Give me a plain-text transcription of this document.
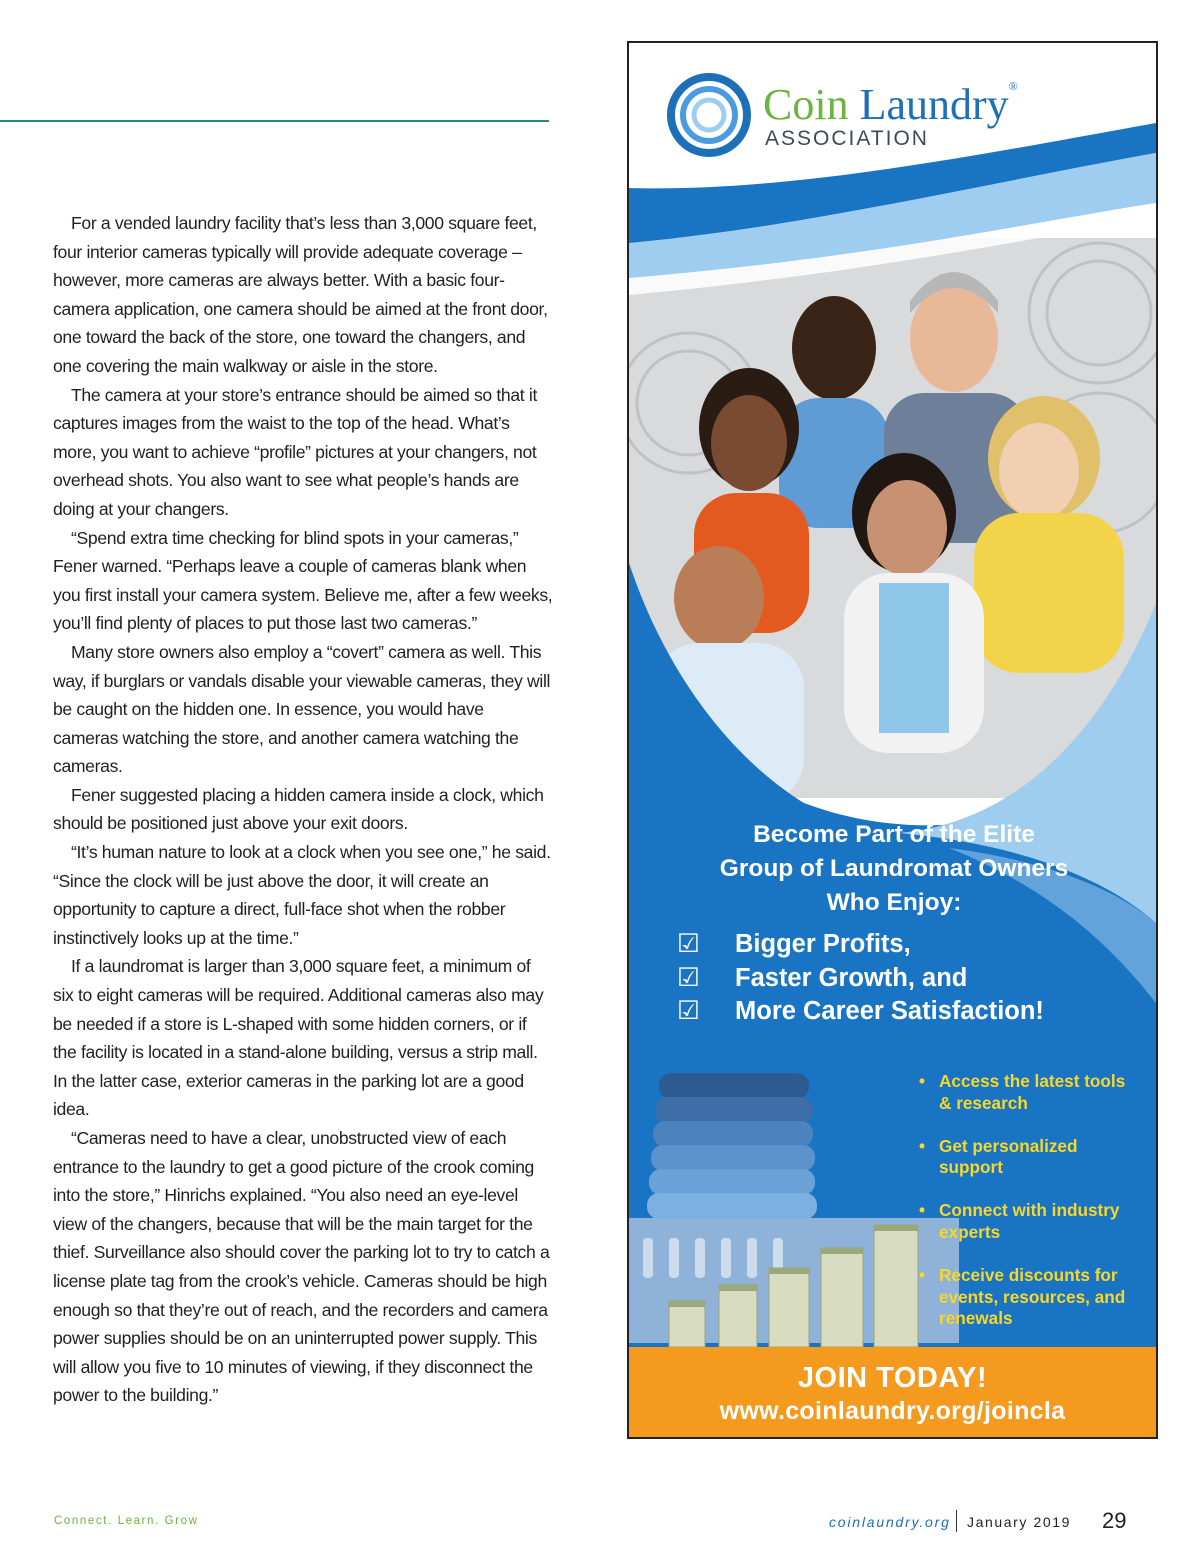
For a vended laundry facility that’s less than 3,000 square feet, four interior cameras typically will provide adequate coverage – however, more cameras are always better. With a basic four-camera application, one camera should be aimed at the front door, one toward the back of the store, one toward the changers, and one covering the main walkway or aisle in the store.

The camera at your store’s entrance should be aimed so that it captures images from the waist to the top of the head. What’s more, you want to achieve “profile” pictures at your changers, not overhead shots. You also want to see what people’s hands are doing at your changers.

“Spend extra time checking for blind spots in your cameras,” Fener warned. “Perhaps leave a couple of cameras blank when you first install your camera system. Believe me, after a few weeks, you’ll find plenty of places to put those last two cameras.”

Many store owners also employ a “covert” camera as well. This way, if burglars or vandals disable your viewable cameras, they will be caught on the hidden one. In essence, you would have cameras watching the store, and another camera watching the cameras.

Fener suggested placing a hidden camera inside a clock, which should be positioned just above your exit doors.

“It’s human nature to look at a clock when you see one,” he said. “Since the clock will be just above the door, it will create an opportunity to capture a direct, full-face shot when the robber instinctively looks up at the time.”

If a laundromat is larger than 3,000 square feet, a minimum of six to eight cameras will be required. Additional cameras also may be needed if a store is L-shaped with some hidden corners, or if the facility is located in a stand-alone building, versus a strip mall. In the latter case, exterior cameras in the parking lot are a good idea.

“Cameras need to have a clear, unobstructed view of each entrance to the laundry to get a good picture of the crook coming into the store,” Hinrichs explained. “You also need an eye-level view of the changers, because that will be the main target for the thief. Surveillance also should cover the parking lot to try to catch a license plate tag from the crook’s vehicle. Cameras should be high enough so that they’re out of reach, and the recorders and camera power supplies should be on an uninterrupted power supply. This will allow you five to 10 minutes of viewing, if they disconnect the power to the building.”

Coin Laundry®
ASSOCIATION
Become Part of the Elite
Group of Laundromat Owners
Who Enjoy:
☑ Bigger Profits,
☑ Faster Growth, and
☑ More Career Satisfaction!
• Access the latest tools & research
• Get personalized support
• Connect with industry experts
• Receive discounts for events, resources, and renewals
JOIN TODAY!
www.coinlaundry.org/joincla
Connect. Learn. Grow	coinlaundry.org January 2019 29
